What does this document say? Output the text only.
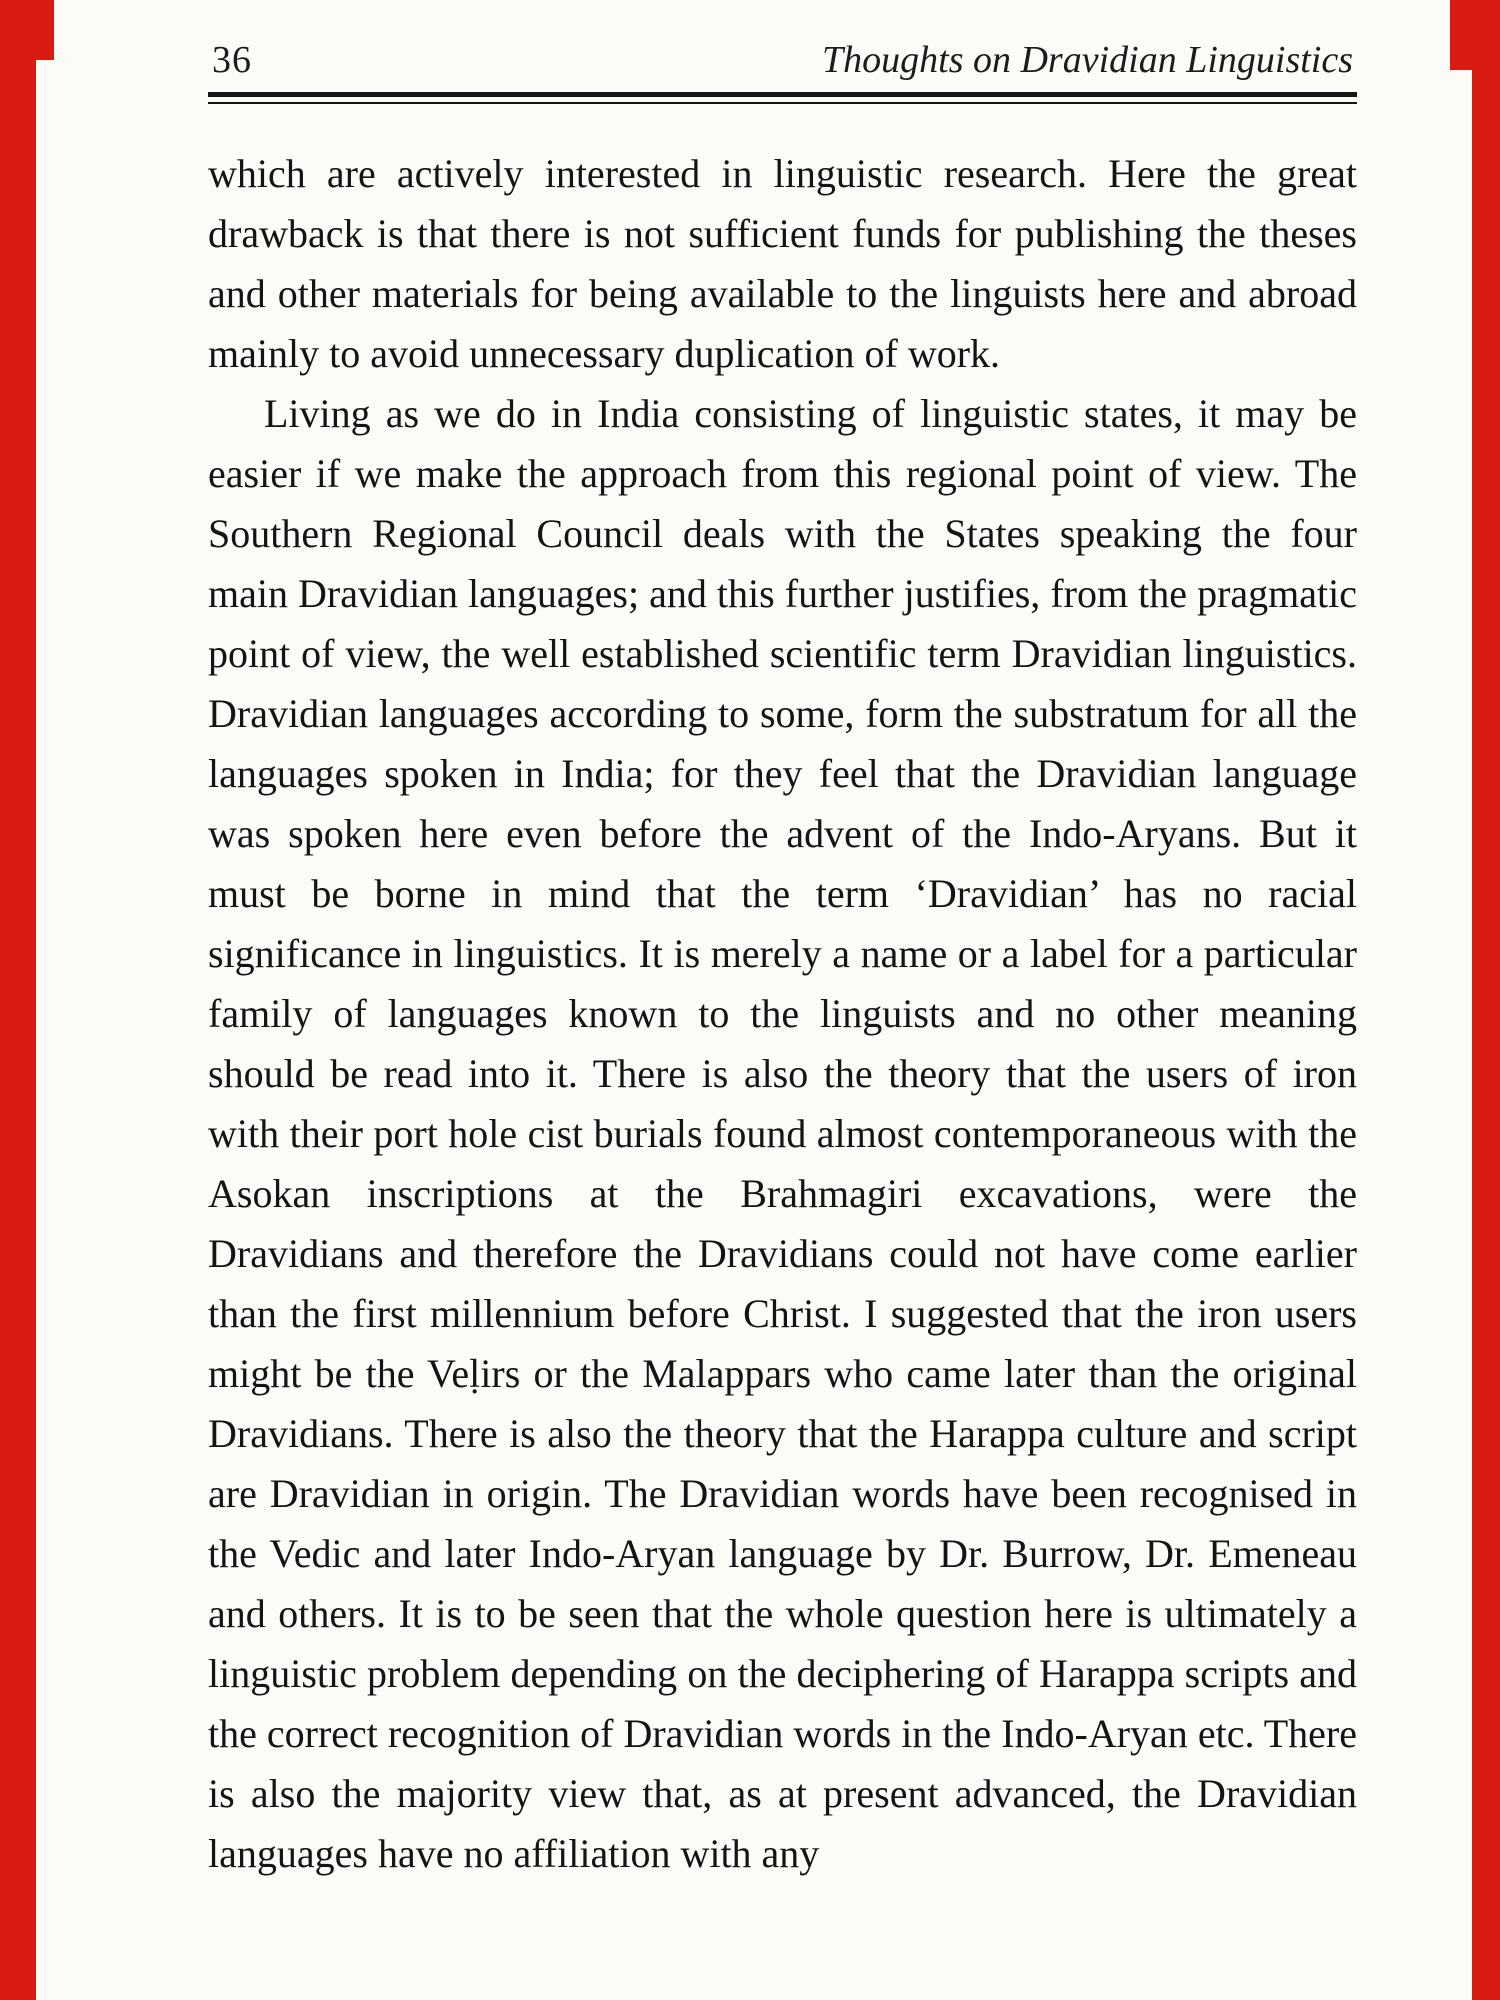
36	Thoughts on Dravidian Linguistics

which are actively interested in linguistic research. Here the great drawback is that there is not sufficient funds for publishing the theses and other materials for being available to the linguists here and abroad mainly to avoid unnecessary duplication of work.

Living as we do in India consisting of linguistic states, it may be easier if we make the approach from this regional point of view. The Southern Regional Council deals with the States speaking the four main Dravidian languages; and this further justifies, from the pragmatic point of view, the well established scientific term Dravidian linguistics. Dravidian languages according to some, form the substratum for all the languages spoken in India; for they feel that the Dravidian language was spoken here even before the advent of the Indo-Aryans. But it must be borne in mind that the term ‘Dravidian’ has no racial significance in linguistics. It is merely a name or a label for a particular family of languages known to the linguists and no other meaning should be read into it. There is also the theory that the users of iron with their port hole cist burials found almost contemporaneous with the Asokan inscriptions at the Brahmagiri excavations, were the Dravidians and therefore the Dravidians could not have come earlier than the first millennium before Christ. I suggested that the iron users might be the Veḷirs or the Malappars who came later than the original Dravidians. There is also the theory that the Harappa culture and script are Dravidian in origin. The Dravidian words have been recognised in the Vedic and later Indo-Aryan language by Dr. Burrow, Dr. Emeneau and others. It is to be seen that the whole question here is ultimately a linguistic problem depending on the deciphering of Harappa scripts and the correct recognition of Dravidian words in the Indo-Aryan etc. There is also the majority view that, as at present advanced, the Dravidian languages have no affiliation with any
